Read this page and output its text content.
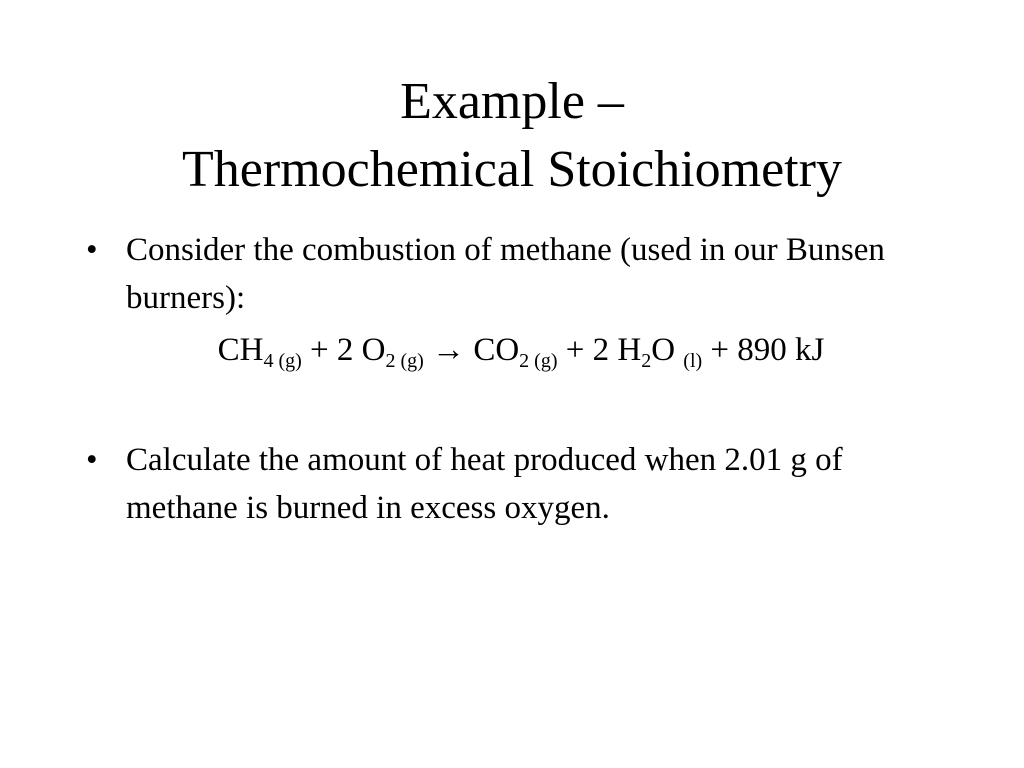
Example –
Thermochemical Stoichiometry
• Consider the combustion of methane (used in our Bunsen burners):
$CH_{4 (g)} + 2$ $O_{2 (g)} \to CO_{2 (g)} + 2$ $H_2O$ $_{(l)}$ + 890 kJ
• Calculate the amount of heat produced when 2.01 g of methane is burned in excess oxygen.
